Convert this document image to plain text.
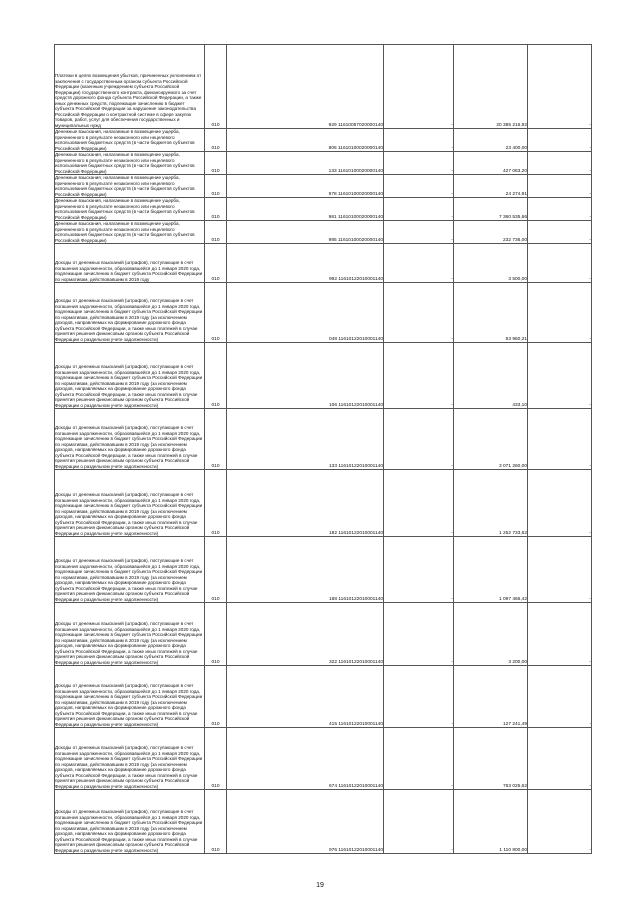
Платежи в целях возмещения убытков, причиненных уклонением от заключения с государственным органом субъекта Российской Федерации (казенным учреждением субъекта Российской Федерации) государственного контракта, финансируемого за счет средств дорожного фонда субъекта Российской Федерации, а также иных денежных средств, подлежащие зачислению в бюджет субъекта Российской Федерации за нарушение законодательства Российской Федерации о контрактной системе в сфере закупок товаров, работ, услуг для обеспечения государственных и муниципальных нужд	010	929 11610057020000140	-	20 385 216,92	-
Денежные взыскания, налагаемые в возмещение ущерба, причиненного в результате незаконного или нецелевого использования бюджетных средств (в части бюджетов субъектов Российской Федерации)	010	806 11610100020000140	-	23 400,00	-
Денежные взыскания, налагаемые в возмещение ущерба, причиненного в результате незаконного или нецелевого использования бюджетных средств (в части бюджетов субъектов Российской Федерации)	010	133 11610100020000140	-	427 063,20	-
Денежные взыскания, налагаемые в возмещение ущерба, причиненного в результате незаконного или нецелевого использования бюджетных средств (в части бюджетов субъектов Российской Федерации)	010	978 11610100020000140	-	24 274,91	-
Денежные взыскания, налагаемые в возмещение ущерба, причиненного в результате незаконного или нецелевого использования бюджетных средств (в части бюджетов субъектов Российской Федерации)	010	981 11610100020000140	-	7 360 535,66	-
Денежные взыскания, налагаемые в возмещение ущерба, причиненного в результате незаконного или нецелевого использования бюджетных средств (в части бюджетов субъектов Российской Федерации)	010	985 11610100020000140	-	232 736,00	-
Доходы от денежных взысканий (штрафов), поступающие в счет погашения задолженности, образовавшейся до 1 января 2020 года, подлежащие зачислению в бюджет субъекта Российской Федерации по нормативам, действовавшим в 2019 году	010	992 11610122010001140	-	3 500,00	-
Доходы от денежных взысканий (штрафов), поступающие в счет погашения задолженности, образовавшейся до 1 января 2020 года, подлежащие зачислению в бюджет субъекта Российской Федерации по нормативам, действовавшим в 2019 году (за исключением доходов, направляемых на формирование дорожного фонда субъекта Российской Федерации, а также иных платежей в случае принятия решения финансовым органом субъекта Российской Федерации о раздельном учете задолженности)	010	048 11610122010001140	-	53 960,21	-
Доходы от денежных взысканий (штрафов), поступающие в счет погашения задолженности, образовавшейся до 1 января 2020 года, подлежащие зачислению в бюджет субъекта Российской Федерации по нормативам, действовавшим в 2019 году (за исключением доходов, направляемых на формирование дорожного фонда субъекта Российской Федерации, а также иных платежей в случае принятия решения финансовым органом субъекта Российской Федерации о раздельном учете задолженности)	010	106 11610122010001140	-	433,10	-
Доходы от денежных взысканий (штрафов), поступающие в счет погашения задолженности, образовавшейся до 1 января 2020 года, подлежащие зачислению в бюджет субъекта Российской Федерации по нормативам, действовавшим в 2019 году (за исключением доходов, направляемых на формирование дорожного фонда субъекта Российской Федерации, а также иных платежей в случае принятия решения финансовым органом субъекта Российской Федерации о раздельном учете задолженности)	010	133 11610122010001140	-	3 071 260,00	-
Доходы от денежных взысканий (штрафов), поступающие в счет погашения задолженности, образовавшейся до 1 января 2020 года, подлежащие зачислению в бюджет субъекта Российской Федерации по нормативам, действовавшим в 2019 году (за исключением доходов, направляемых на формирование дорожного фонда субъекта Российской Федерации, а также иных платежей в случае принятия решения финансовым органом субъекта Российской Федерации о раздельном учете задолженности)	010	182 11610122010001140	-	1 252 733,62	-
Доходы от денежных взысканий (штрафов), поступающие в счет погашения задолженности, образовавшейся до 1 января 2020 года, подлежащие зачислению в бюджет субъекта Российской Федерации по нормативам, действовавшим в 2019 году (за исключением доходов, направляемых на формирование дорожного фонда субъекта Российской Федерации, а также иных платежей в случае принятия решения финансовым органом субъекта Российской Федерации о раздельном учете задолженности)	010	188 11610122010001140	-	1 097 466,42	-
Доходы от денежных взысканий (штрафов), поступающие в счет погашения задолженности, образовавшейся до 1 января 2020 года, подлежащие зачислению в бюджет субъекта Российской Федерации по нормативам, действовавшим в 2019 году (за исключением доходов, направляемых на формирование дорожного фонда субъекта Российской Федерации, а также иных платежей в случае принятия решения финансовым органом субъекта Российской Федерации о раздельном учете задолженности)	010	322 11610122010001140	-	3 200,00	-
Доходы от денежных взысканий (штрафов), поступающие в счет погашения задолженности, образовавшейся до 1 января 2020 года, подлежащие зачислению в бюджет субъекта Российской Федерации по нормативам, действовавшим в 2019 году (за исключением доходов, направляемых на формирование дорожного фонда субъекта Российской Федерации, а также иных платежей в случае принятия решения финансовым органом субъекта Российской Федерации о раздельном учете задолженности)	010	415 11610122010001140	-	127 241,49	-
Доходы от денежных взысканий (штрафов), поступающие в счет погашения задолженности, образовавшейся до 1 января 2020 года, подлежащие зачислению в бюджет субъекта Российской Федерации по нормативам, действовавшим в 2019 году (за исключением доходов, направляемых на формирование дорожного фонда субъекта Российской Федерации, а также иных платежей в случае принятия решения финансовым органом субъекта Российской Федерации о раздельном учете задолженности)	010	674 11610122010001140	-	763 025,62	-
Доходы от денежных взысканий (штрафов), поступающие в счет погашения задолженности, образовавшейся до 1 января 2020 года, подлежащие зачислению в бюджет субъекта Российской Федерации по нормативам, действовавшим в 2019 году (за исключением доходов, направляемых на формирование дорожного фонда субъекта Российской Федерации, а также иных платежей в случае принятия решения финансовым органом субъекта Российской Федерации о раздельном учете задолженности)	010	976 11610122010001140	-	1 110 800,00	-
19
